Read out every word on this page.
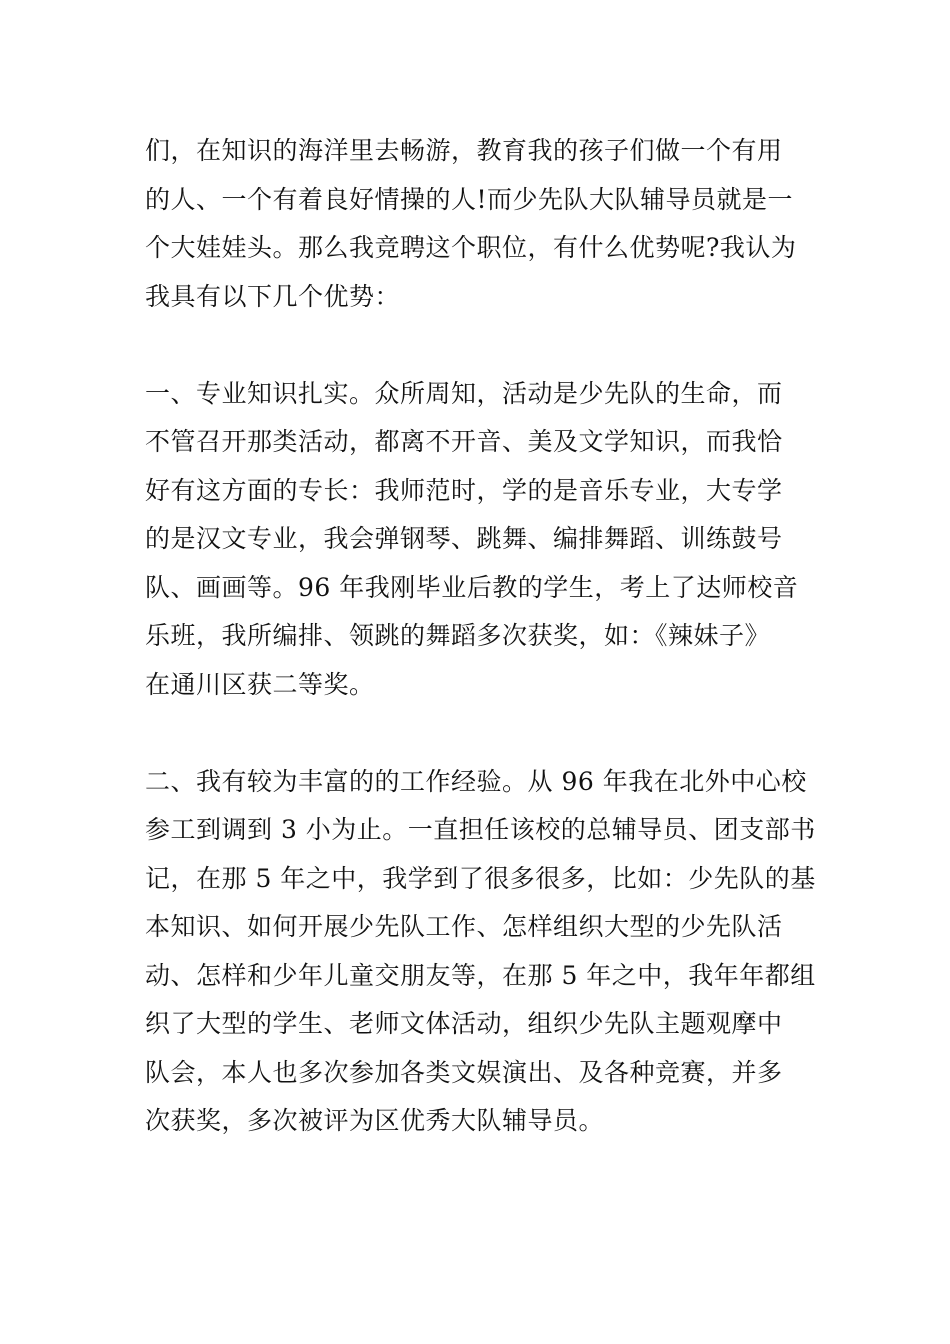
们，在知识的海洋里去畅游，教育我的孩子们做一个有用
的人、一个有着良好情操的人!而少先队大队辅导员就是一
个大娃娃头。那么我竞聘这个职位，有什么优势呢?我认为
我具有以下几个优势：
一、专业知识扎实。众所周知，活动是少先队的生命，而
不管召开那类活动，都离不开音、美及文学知识，而我恰
好有这方面的专长：我师范时，学的是音乐专业，大专学
的是汉文专业，我会弹钢琴、跳舞、编排舞蹈、训练鼓号
队、画画等。96 年我刚毕业后教的学生，考上了达师校音
乐班，我所编排、领跳的舞蹈多次获奖，如：《辣妹子》
在通川区获二等奖。
二、我有较为丰富的的工作经验。从 96 年我在北外中心校
参工到调到 3 小为止。一直担任该校的总辅导员、团支部书
记，在那 5 年之中，我学到了很多很多，比如：少先队的基
本知识、如何开展少先队工作、怎样组织大型的少先队活
动、怎样和少年儿童交朋友等，在那 5 年之中，我年年都组
织了大型的学生、老师文体活动，组织少先队主题观摩中
队会，本人也多次参加各类文娱演出、及各种竞赛，并多
次获奖，多次被评为区优秀大队辅导员。
